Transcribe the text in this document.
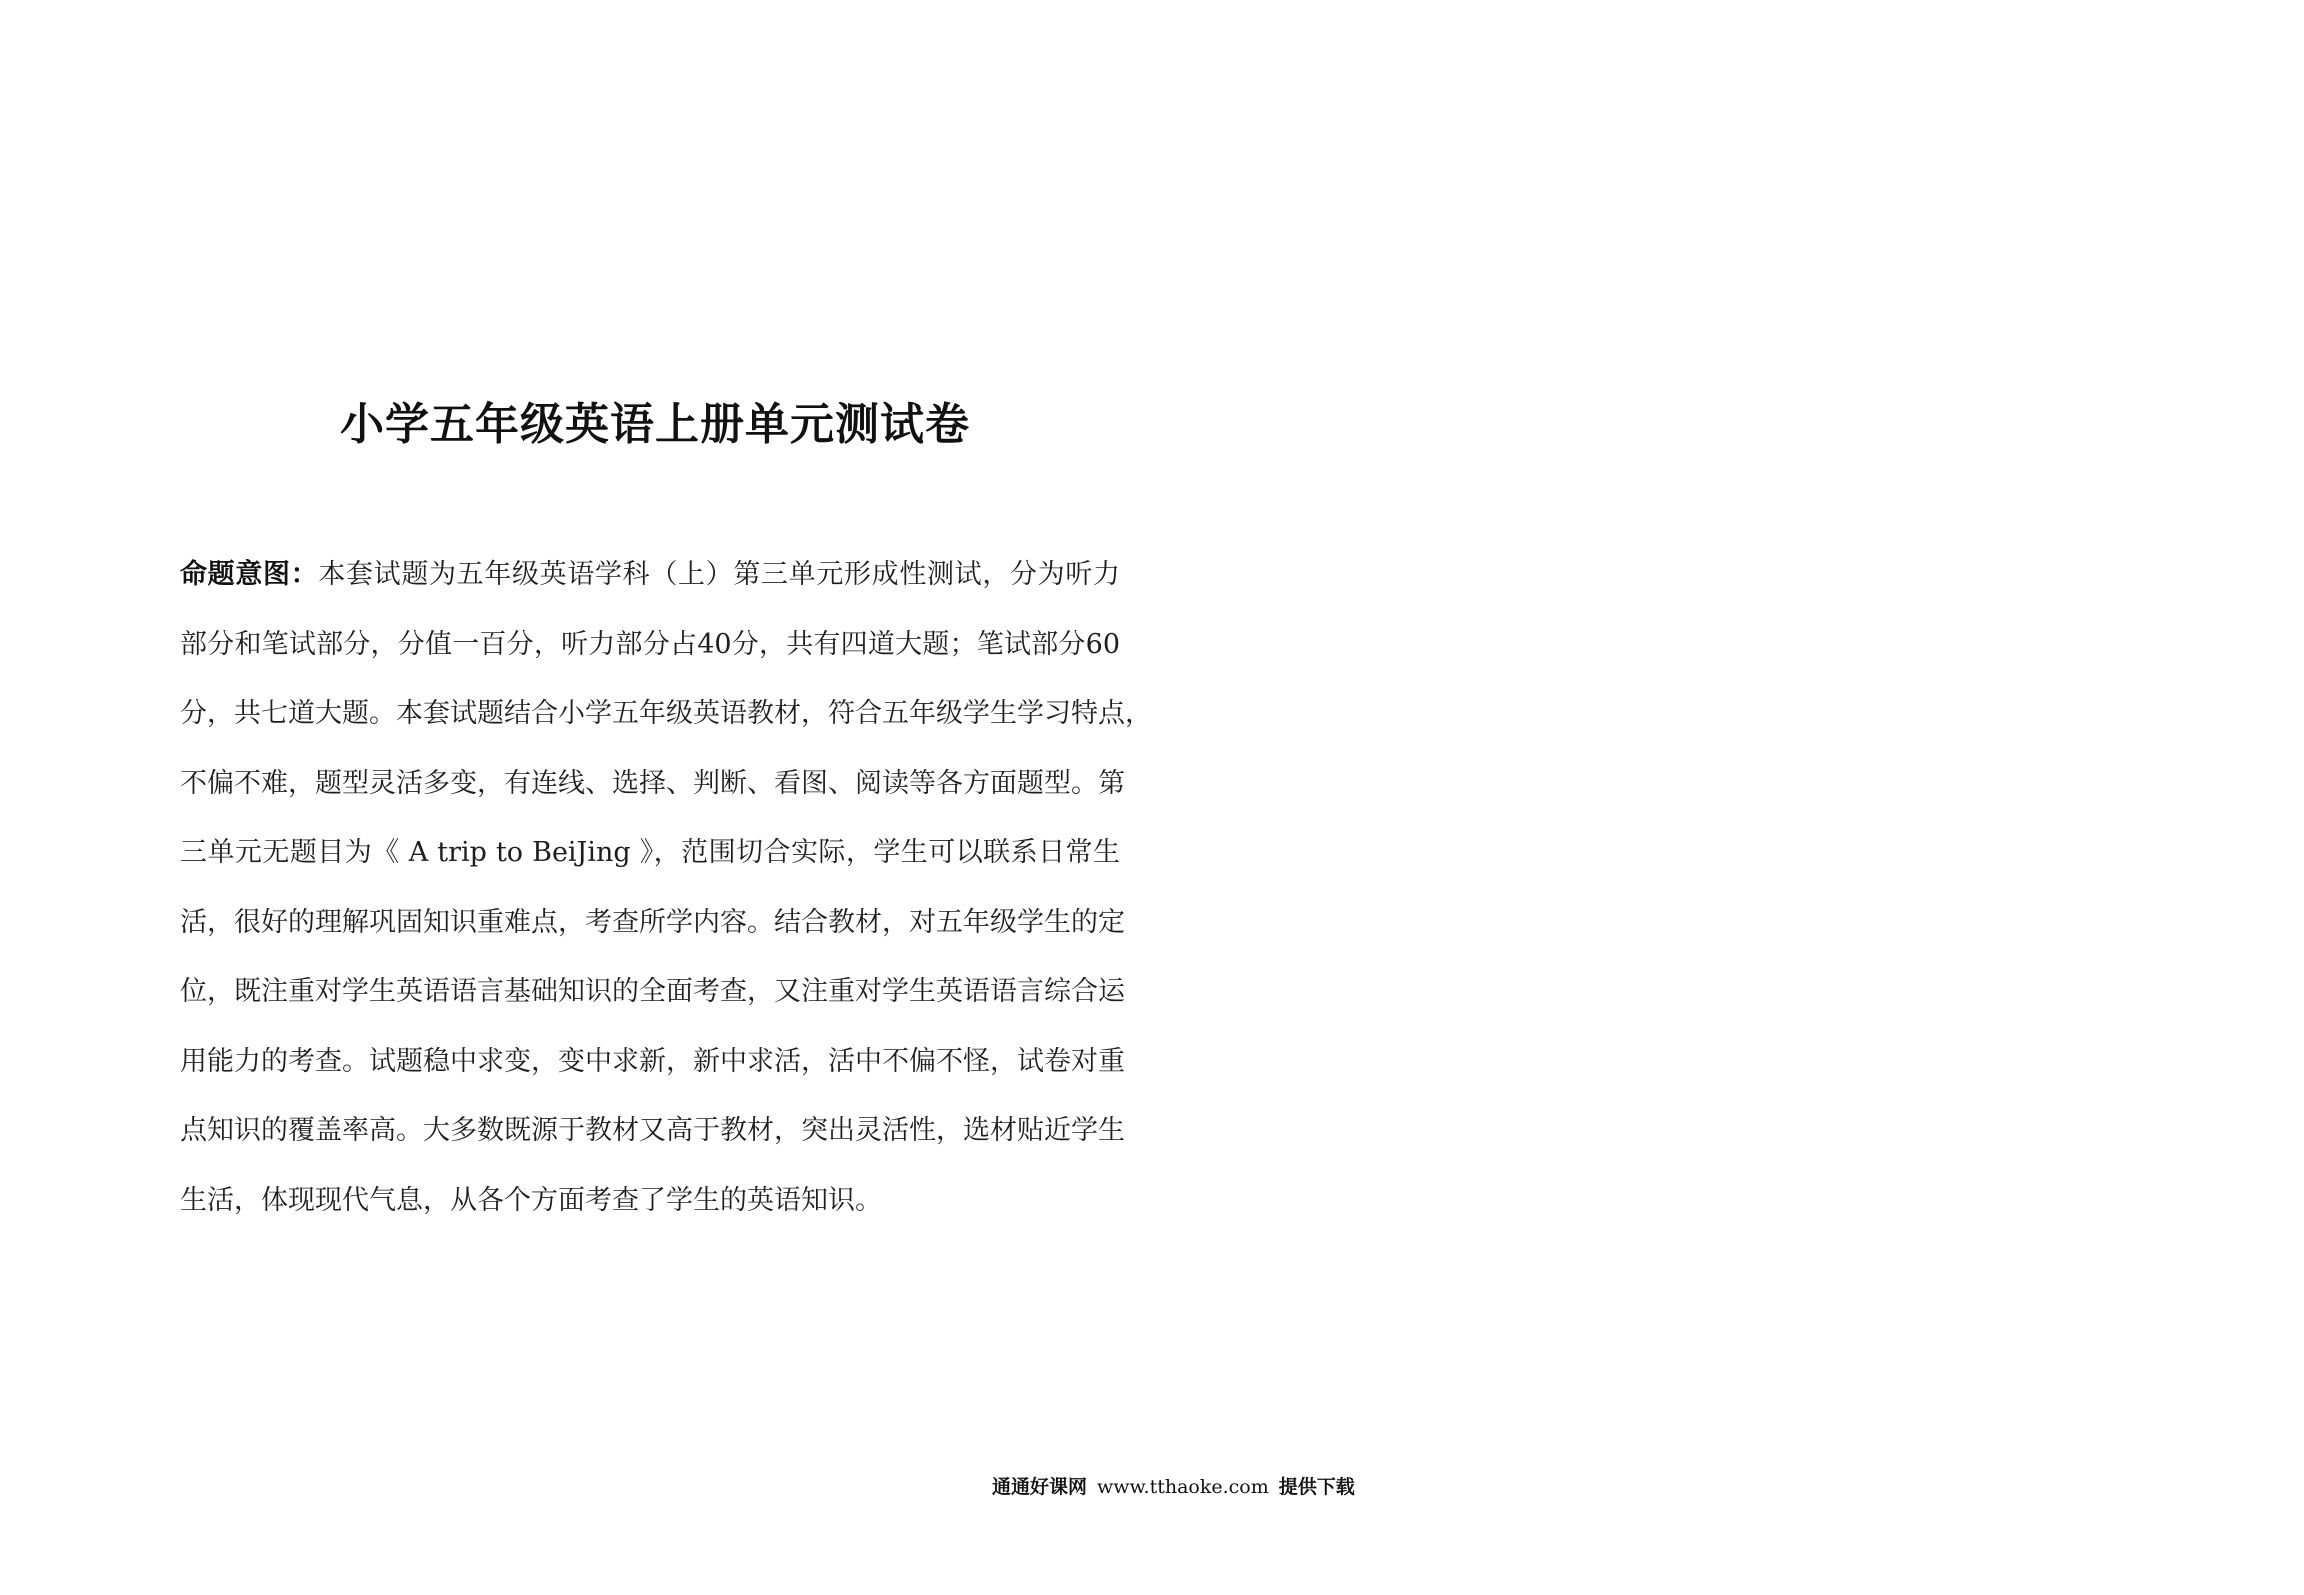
小学五年级英语上册单元测试卷
命题意图：本套试题为五年级英语学科（上）第三单元形成性测试，分为听力
部分和笔试部分，分值一百分，听力部分占40分，共有四道大题；笔试部分60
分，共七道大题。本套试题结合小学五年级英语教材，符合五年级学生学习特点，
不偏不难，题型灵活多变，有连线、选择、判断、看图、阅读等各方面题型。第
三单元无题目为《 A trip to BeiJing 》，范围切合实际，学生可以联系日常生
活，很好的理解巩固知识重难点，考查所学内容。结合教材，对五年级学生的定
位，既注重对学生英语语言基础知识的全面考查，又注重对学生英语语言综合运
用能力的考查。试题稳中求变，变中求新，新中求活，活中不偏不怪，试卷对重
点知识的覆盖率高。大多数既源于教材又高于教材，突出灵活性，选材贴近学生
生活，体现现代气息，从各个方面考查了学生的英语知识。
通通好课网 www.tthaoke.com 提供下载
